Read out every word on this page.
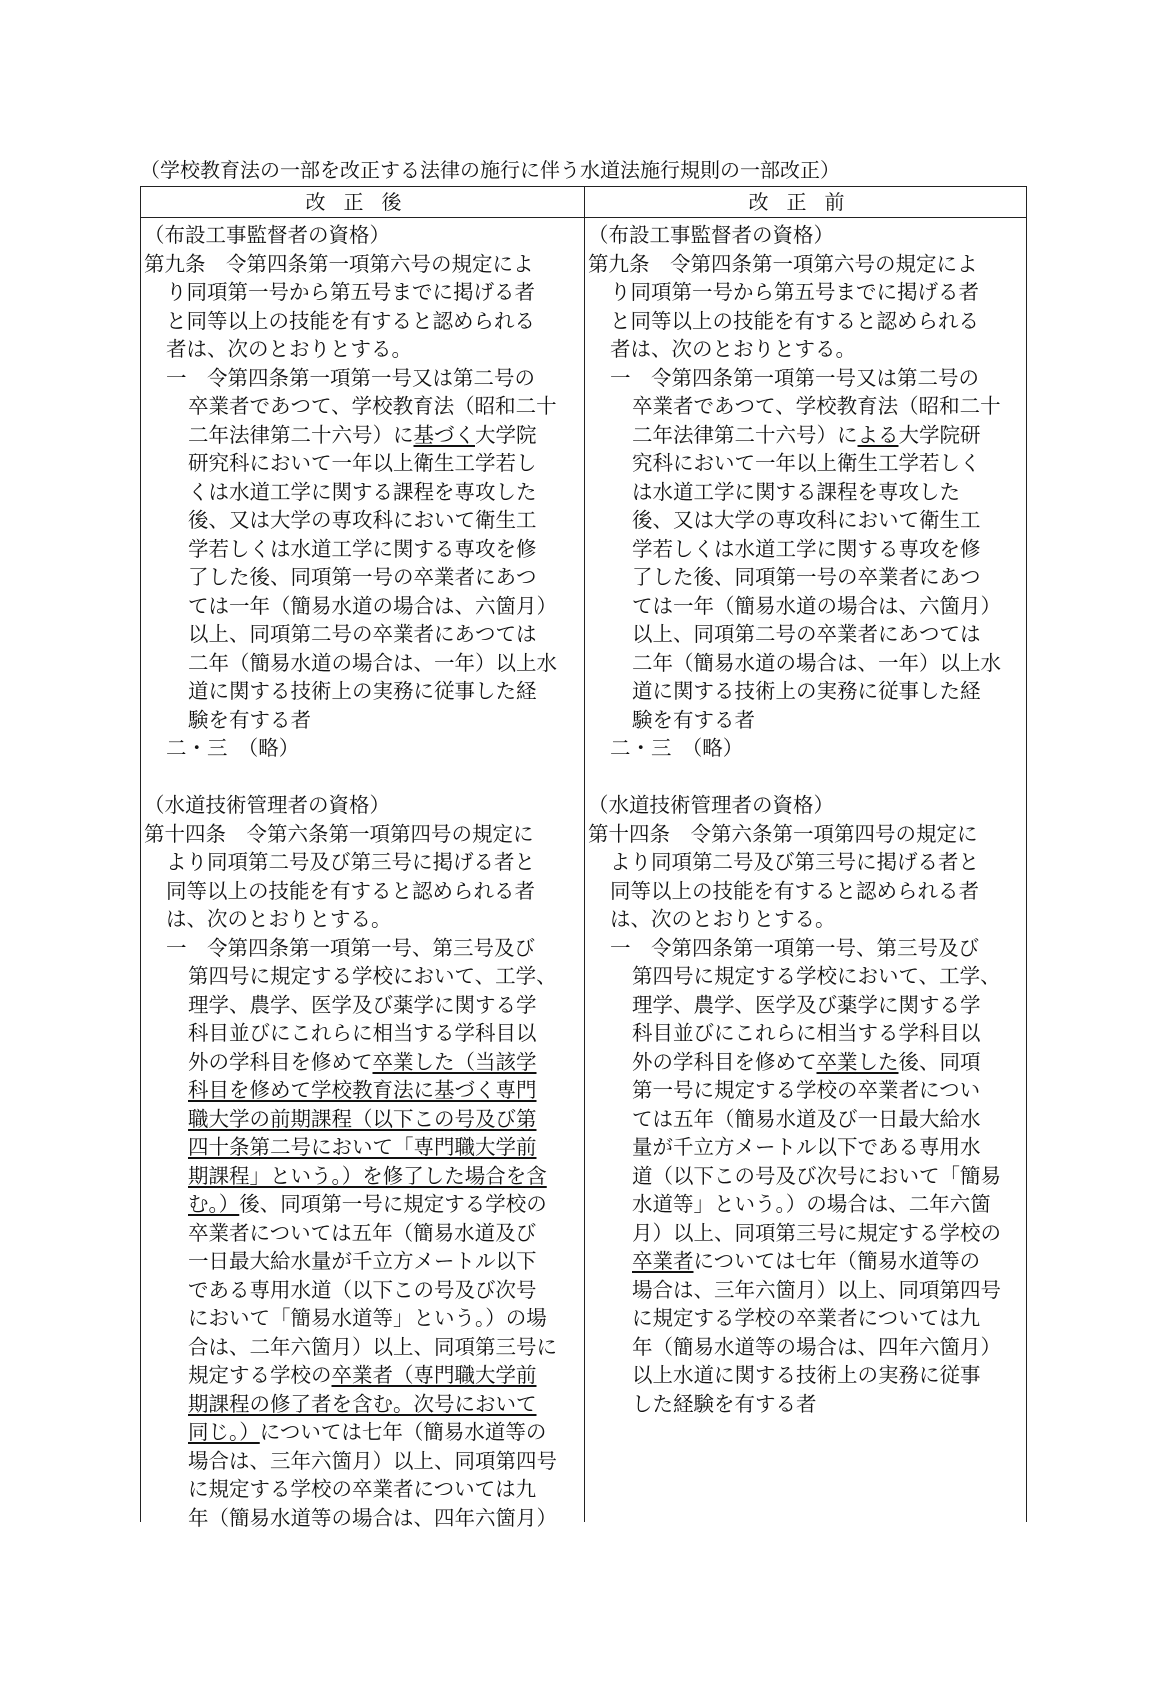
（学校教育法の一部を改正する法律の施行に伴う水道法施行規則の一部改正）
改正後	改正前
（布設工事監督者の資格）
第九条　令第四条第一項第六号の規定によ
り同項第一号から第五号までに掲げる者
と同等以上の技能を有すると認められる
者は、次のとおりとする。
一　令第四条第一項第一号又は第二号の
卒業者であつて、学校教育法（昭和二十
二年法律第二十六号）に基づく大学院
研究科において一年以上衛生工学若し
くは水道工学に関する課程を専攻した
後、又は大学の専攻科において衛生工
学若しくは水道工学に関する専攻を修
了した後、同項第一号の卒業者にあつ
ては一年（簡易水道の場合は、六箇月）
以上、同項第二号の卒業者にあつては
二年（簡易水道の場合は、一年）以上水
道に関する技術上の実務に従事した経
験を有する者
二・三　（略）
（水道技術管理者の資格）
第十四条　令第六条第一項第四号の規定に
より同項第二号及び第三号に掲げる者と
同等以上の技能を有すると認められる者
は、次のとおりとする。
一　令第四条第一項第一号、第三号及び
第四号に規定する学校において、工学、
理学、農学、医学及び薬学に関する学
科目並びにこれらに相当する学科目以
外の学科目を修めて卒業した（当該学
科目を修めて学校教育法に基づく専門
職大学の前期課程（以下この号及び第
四十条第二号において「専門職大学前
期課程」という。）を修了した場合を含
む。）後、同項第一号に規定する学校の
卒業者については五年（簡易水道及び
一日最大給水量が千立方メートル以下
である専用水道（以下この号及び次号
において「簡易水道等」という。）の場
合は、二年六箇月）以上、同項第三号に
規定する学校の卒業者（専門職大学前
期課程の修了者を含む。次号において
同じ。）については七年（簡易水道等の
場合は、三年六箇月）以上、同項第四号
に規定する学校の卒業者については九
年（簡易水道等の場合は、四年六箇月）
（布設工事監督者の資格）
第九条　令第四条第一項第六号の規定によ
り同項第一号から第五号までに掲げる者
と同等以上の技能を有すると認められる
者は、次のとおりとする。
一　令第四条第一項第一号又は第二号の
卒業者であつて、学校教育法（昭和二十
二年法律第二十六号）による大学院研
究科において一年以上衛生工学若しく
は水道工学に関する課程を専攻した
後、又は大学の専攻科において衛生工
学若しくは水道工学に関する専攻を修
了した後、同項第一号の卒業者にあつ
ては一年（簡易水道の場合は、六箇月）
以上、同項第二号の卒業者にあつては
二年（簡易水道の場合は、一年）以上水
道に関する技術上の実務に従事した経
験を有する者
二・三　（略）
（水道技術管理者の資格）
第十四条　令第六条第一項第四号の規定に
より同項第二号及び第三号に掲げる者と
同等以上の技能を有すると認められる者
は、次のとおりとする。
一　令第四条第一項第一号、第三号及び
第四号に規定する学校において、工学、
理学、農学、医学及び薬学に関する学
科目並びにこれらに相当する学科目以
外の学科目を修めて卒業した後、同項
第一号に規定する学校の卒業者につい
ては五年（簡易水道及び一日最大給水
量が千立方メートル以下である専用水
道（以下この号及び次号において「簡易
水道等」という。）の場合は、二年六箇
月）以上、同項第三号に規定する学校の
卒業者については七年（簡易水道等の
場合は、三年六箇月）以上、同項第四号
に規定する学校の卒業者については九
年（簡易水道等の場合は、四年六箇月）
以上水道に関する技術上の実務に従事
した経験を有する者
